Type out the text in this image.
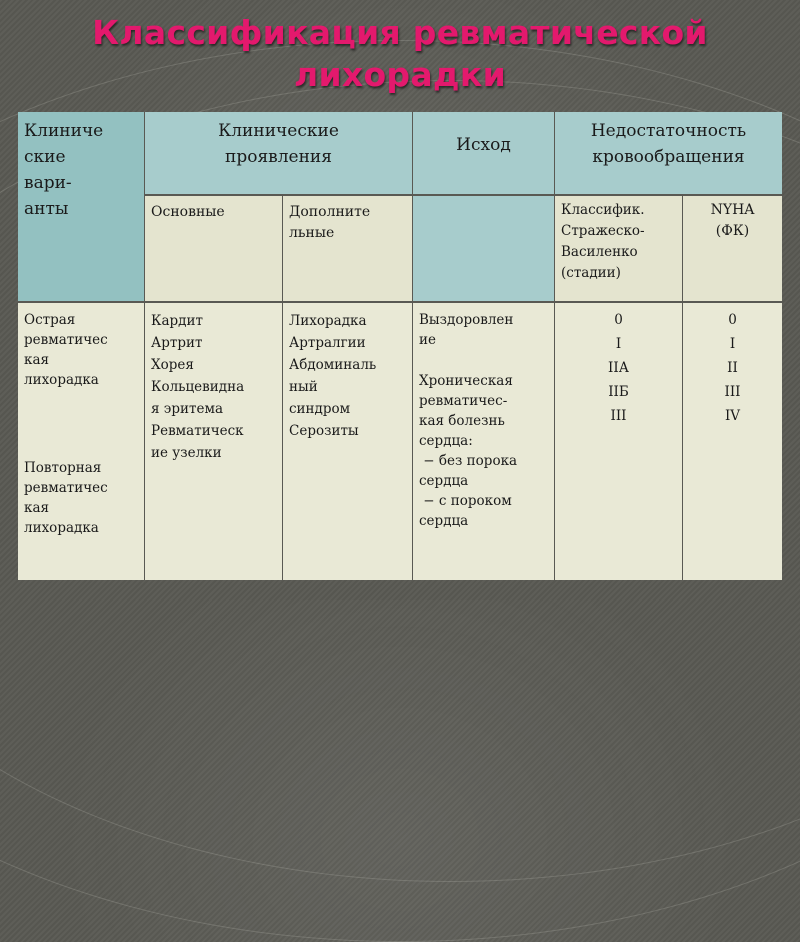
Классификация ревматической
лихорадки
Клиниче
ские
вари-
анты
Клинические
проявления
Исход
Недостаточность
кровообращения
Основные	Дополните
льные
Классифик.
Стражеско-
Василенко
(стадии)
NYHA
(ФК)
Острая
ревматичес
кая
лихорадка
Повторная
ревматичес
кая
лихорадка
Кардит
Артрит
Хорея
Кольцевидна
я эритема
Ревматическ
ие узелки
Лихорадка
Артралгии
Абдоминаль
ный
синдром
Серозиты
Выздоровлен
ие
Хроническая
ревматичес-
кая болезнь
сердца:
− без порока
сердца
− с пороком
сердца
0
I
IIА
IIБ
III
0
I
II
III
IV
